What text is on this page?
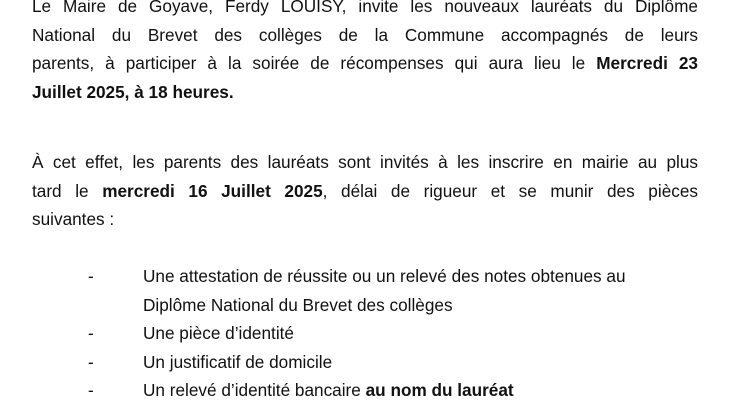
Le Maire de Goyave, Ferdy LOUISY, invite les nouveaux lauréats du Diplôme
National du Brevet des collèges de la Commune accompagnés de leurs
parents, à participer à la soirée de récompenses qui aura lieu le Mercredi 23
Juillet 2025, à 18 heures.

À cet effet, les parents des lauréats sont invités à les inscrire en mairie au plus
tard le mercredi 16 Juillet 2025, délai de rigueur et se munir des pièces
suivantes :

-	Une attestation de réussite ou un relevé des notes obtenues au
Diplôme National du Brevet des collèges
-	Une pièce d’identité
-	Un justificatif de domicile
-	Un relevé d’identité bancaire au nom du lauréat
